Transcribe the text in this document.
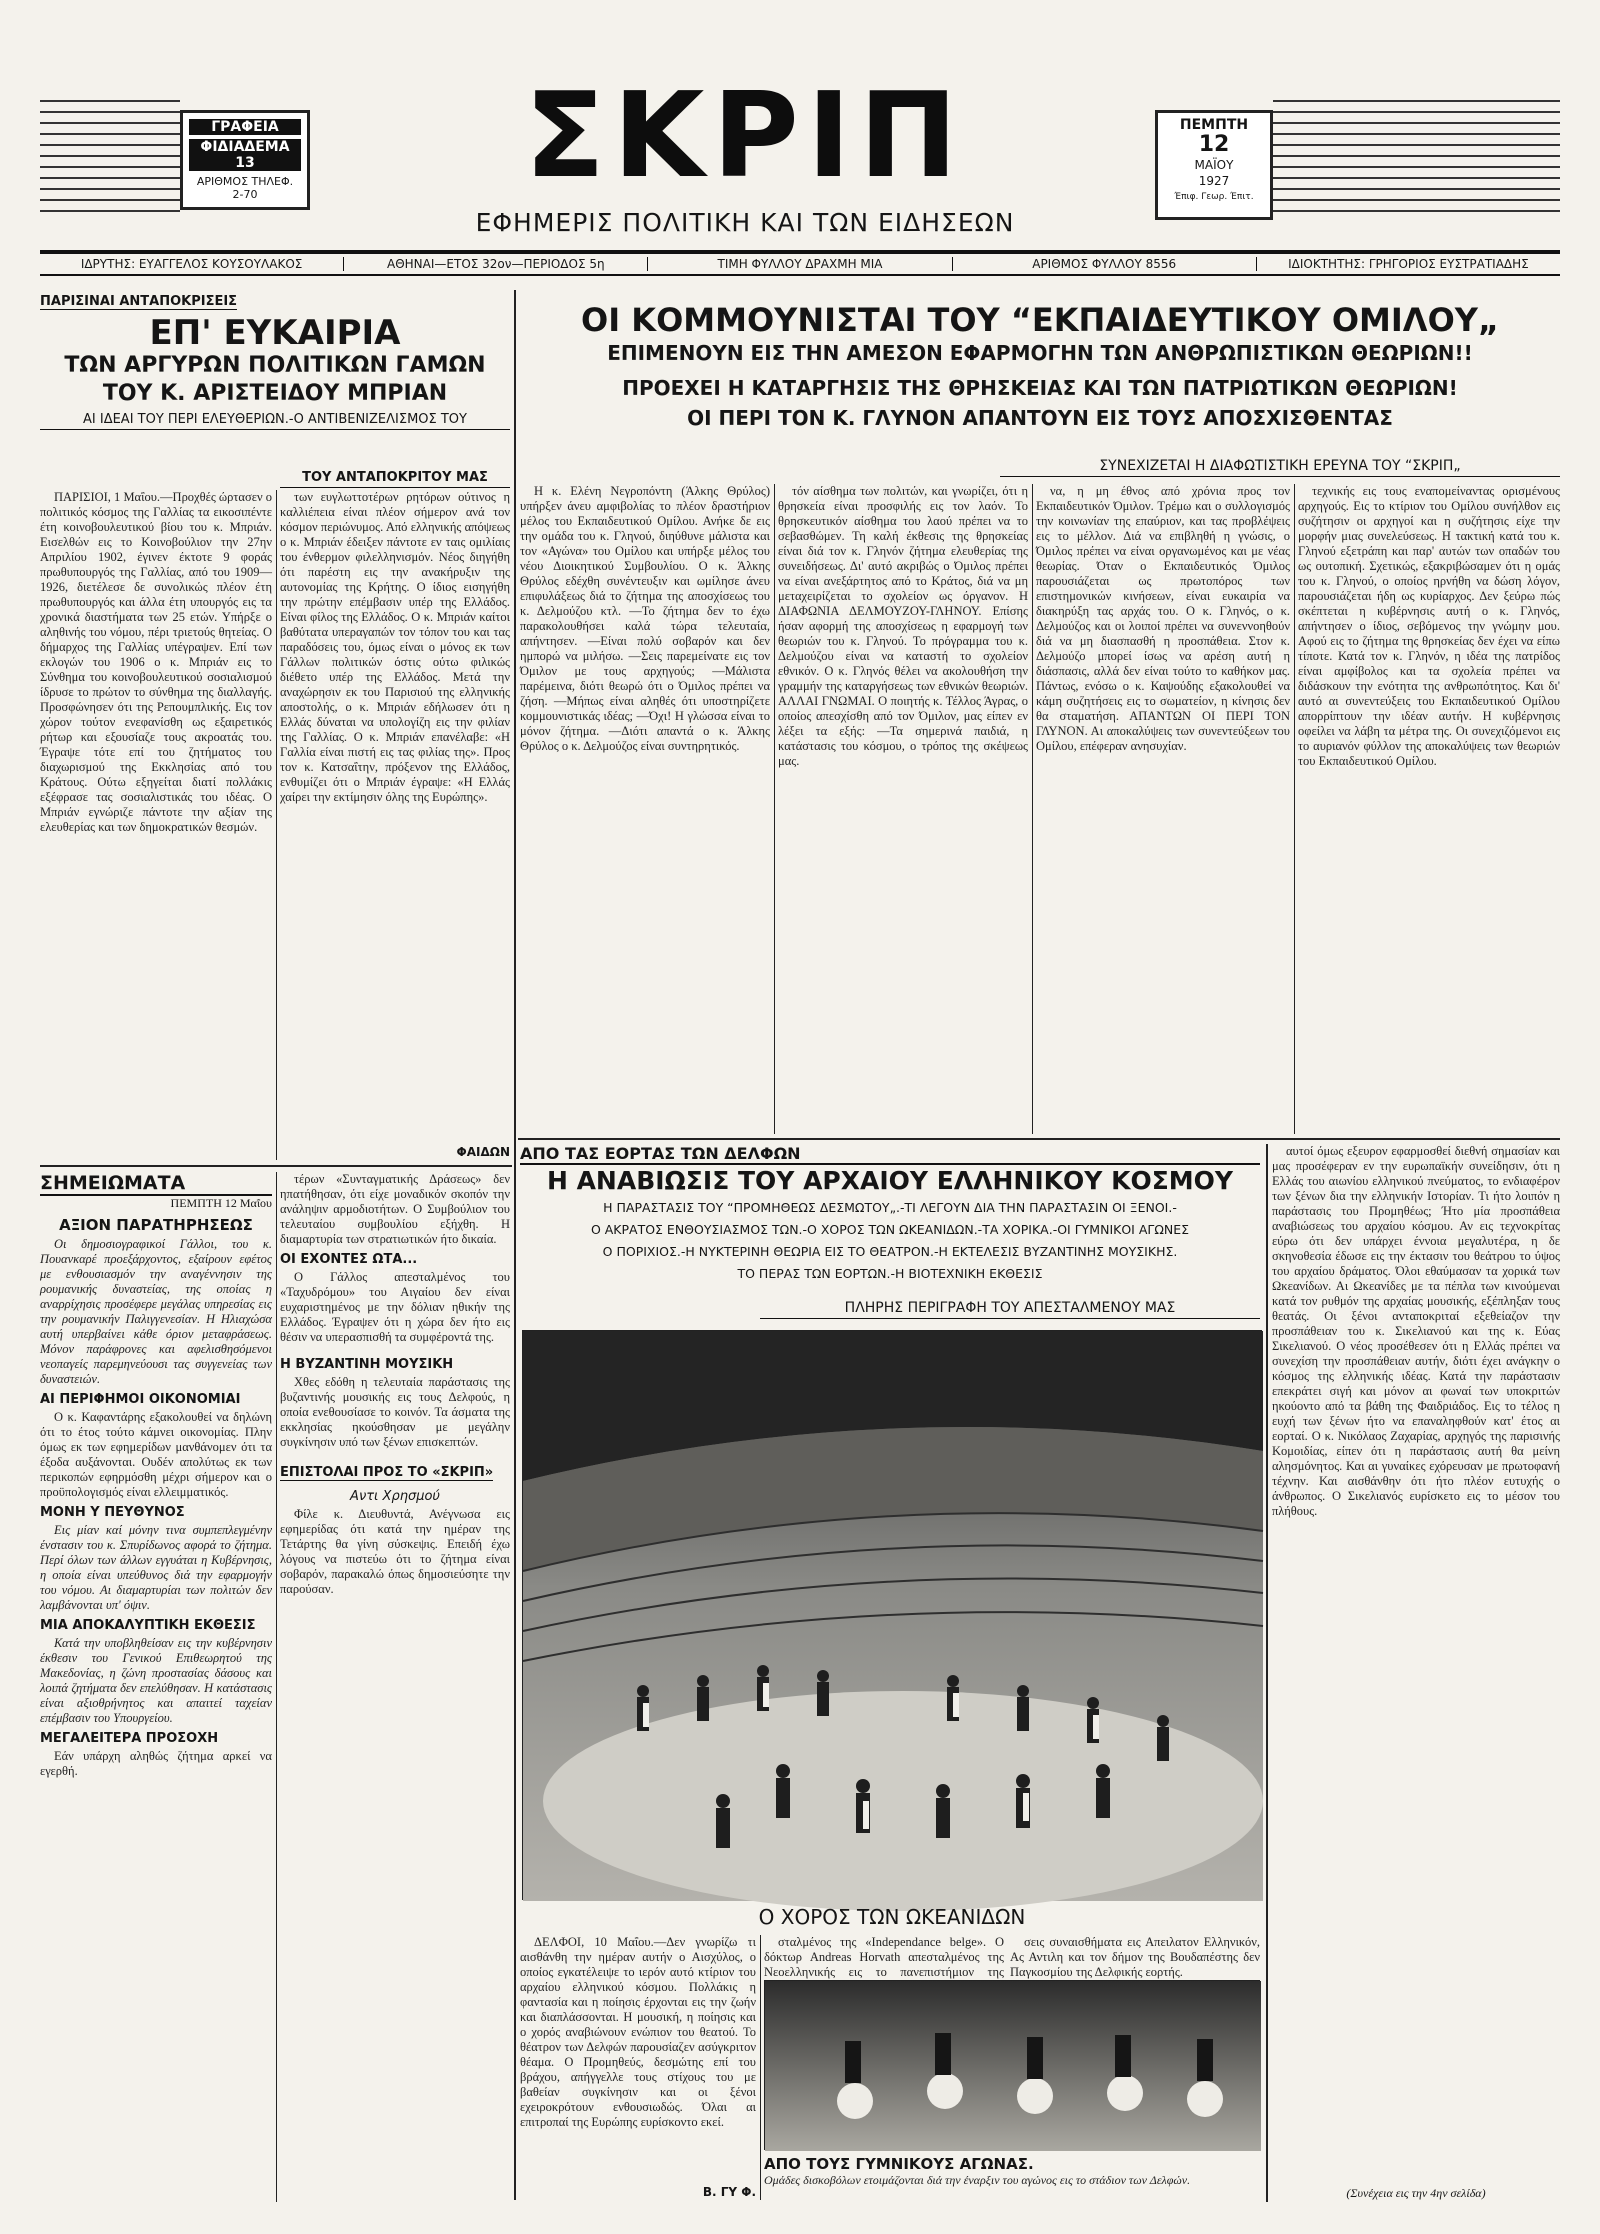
ΓΡΑΦΕΙΑ
ΦΙΔΙΑΔΕΜΑ 13
ΑΡΙΘΜΟΣ ΤΗΛΕΦ.
2-70	ΣΚΡΙΠ
ΕΦΗΜΕΡΙΣ ΠΟΛΙΤΙΚΗ ΚΑΙ ΤΩΝ ΕΙΔΗΣΕΩΝ
ΠΕΜΠΤΗ
12
ΜΑΪΟΥ
1927
Έπιφ. Γεωρ. Έπιτ.
ΙΔΡΥΤΗΣ: ΕΥΑΓΓΕΛΟΣ ΚΟΥΣΟΥΛΑΚΟΣ	ΑΘΗΝΑΙ—ΕΤΟΣ 32ον—ΠΕΡΙΟΔΟΣ 5η	ΤΙΜΗ ΦΥΛΛΟΥ ΔΡΑΧΜΗ ΜΙΑ	ΑΡΙΘΜΟΣ ΦΥΛΛΟΥ 8556	ΙΔΙΟΚΤΗΤΗΣ: ΓΡΗΓΟΡΙΟΣ ΕΥΣΤΡΑΤΙΑΔΗΣ
ΠΑΡΙΣΙΝΑΙ ΑΝΤΑΠΟΚΡΙΣΕΙΣ
ΕΠ' ΕΥΚΑΙΡΙΑ
ΤΩΝ ΑΡΓΥΡΩΝ ΠΟΛΙΤΙΚΩΝ ΓΑΜΩΝ
ΤΟΥ Κ. ΑΡΙΣΤΕΙΔΟΥ ΜΠΡΙΑΝ
ΑΙ ΙΔΕΑΙ ΤΟΥ ΠΕΡΙ ΕΛΕΥΘΕΡΙΩΝ.-Ο ΑΝΤΙΒΕΝΙΖΕΛΙΣΜΟΣ ΤΟΥ
ΤΟΥ ΑΝΤΑΠΟΚΡΙΤΟΥ ΜΑΣ

ΠΑΡΙΣΙΟΙ, 1 Μαΐου.—Προχθές ώρτασεν ο πολιτικός κόσμος της Γαλλίας τα εικοσιπέντε έτη κοινοβουλευτικού βίου του κ. Μπριάν. Εισελθών εις το Κοινοβούλιον την 27ην Απριλίου 1902, έγινεν έκτοτε 9 φοράς πρωθυπουργός της Γαλλίας, από του 1909—1926, διετέλεσε δε συνολικώς πλέον έτη πρωθυπουργός και άλλα έτη υπουργός εις τα χρονικά διαστήματα των 25 ετών. Υπήρξε ο αληθινής του νόμου, πέρι τριετούς θητείας. Ο δήμαρχος της Γαλλίας υπέγραψεν. Επί των εκλογών του 1906 ο κ. Μπριάν εις το Σύνθημα του κοινοβουλευτικού σοσιαλισμού ίδρυσε το πρώτον το σύνθημα της διαλλαγής. Προσφώνησεν ότι της Ρεπουμπλικής. Εις τον χώρον τούτον ενεφανίσθη ως εξαιρετικός ρήτωρ και εξουσίαζε τους ακροατάς του. Έγραψε τότε επί του ζητήματος του διαχωρισμού της Εκκλησίας από του Κράτους. Ούτω εξηγείται διατί πολλάκις εξέφρασε τας σοσιαλιστικάς του ιδέας. Ο Μπριάν εγνώριζε πάντοτε την αξίαν της ελευθερίας και των δημοκρατικών θεσμών.

των ευγλωττοτέρων ρητόρων ούτινος η καλλιέπεια είναι πλέον σήμερον ανά τον κόσμον περιώνυμος. Από ελληνικής απόψεως ο κ. Μπριάν έδειξεν πάντοτε εν ταις ομιλίαις του ένθερμον φιλελληνισμόν. Νέος διηγήθη ότι παρέστη εις την ανακήρυξιν της αυτονομίας της Κρήτης. Ο ίδιος εισηγήθη την πρώτην επέμβασιν υπέρ της Ελλάδος. Είναι φίλος της Ελλάδος. Ο κ. Μπριάν καίτοι βαθύτατα υπεραγαπών τον τόπον του και τας παραδόσεις του, όμως είναι ο μόνος εκ των Γάλλων πολιτικών όστις ούτω φιλικώς διέθετο υπέρ της Ελλάδος. Μετά την αναχώρησιν εκ του Παρισιού της ελληνικής αποστολής, ο κ. Μπριάν εδήλωσεν ότι η Ελλάς δύναται να υπολογίζη εις την φιλίαν της Γαλλίας. Ο κ. Μπριάν επανέλαβε: «Η Γαλλία είναι πιστή εις τας φιλίας της». Προς τον κ. Κατσαΐτην, πρόξενον της Ελλάδος, ενθυμίζει ότι ο Μπριάν έγραψε: «Η Ελλάς χαίρει την εκτίμησιν όλης της Ευρώπης».

ΦΑΙΔΩΝ
ΣΗΜΕΙΩΜΑΤΑ
ΠΕΜΠΤΗ 12 Μαΐου
ΑΞΙΟΝ ΠΑΡΑΤΗΡΗΣΕΩΣ

Οι δημοσιογραφικοί Γάλλοι, του κ. Πουανκαρέ προεξάρχοντος, εξαίρουν εφέτος με ενθουσιασμόν την αναγέννησιν της ρουμανικής δυναστείας, της οποίας η αναρρίχησις προσέφερε μεγάλας υπηρεσίας εις την ρουμανικήν Παλιγγενεσίαν. Η Ηλιαχώσα αυτή υπερβαίνει κάθε όριον μεταφράσεως. Μόνον παράφρονες και αφελισθησόμενοι νεοπαγείς παρεμηνεύουσι τας συγγενείας των δυναστειών.

ΑΙ ΠΕΡΙΦΗΜΟΙ ΟΙΚΟΝΟΜΙΑΙ

Ο κ. Καφαντάρης εξακολουθεί να δηλώνη ότι το έτος τούτο κάμνει οικονομίας. Πλην όμως εκ των εφημερίδων μανθάνομεν ότι τα έξοδα αυξάνονται. Ουδέν απολύτως εκ των περικοπών εφηρμόσθη μέχρι σήμερον και ο προϋπολογισμός είναι ελλειμματικός.

ΜΟΝΗ Υ ΠΕΥΘΥΝΟΣ

Εις μίαν καί μόνην τινα συμπεπλεγμένην ένστασιν του κ. Σπυρίδωνος αφορά το ζήτημα. Περί όλων των άλλων εγγυάται η Κυβέρνησις, η οποία είναι υπεύθυνος διά την εφαρμογήν του νόμου. Αι διαμαρτυρίαι των πολιτών δεν λαμβάνονται υπ' όψιν.

ΜΙΑ ΑΠΟΚΑΛΥΠΤΙΚΗ ΕΚΘΕΣΙΣ

Κατά την υποβληθείσαν εις την κυβέρνησιν έκθεσιν του Γενικού Επιθεωρητού της Μακεδονίας, η ζώνη προστασίας δάσους και λοιπά ζητήματα δεν επελύθησαν. Η κατάστασις είναι αξιοθρήνητος και απαιτεί ταχείαν επέμβασιν του Υπουργείου.

ΜΕΓΑΛΕΙΤΕΡΑ ΠΡΟΣΟΧΗ

Εάν υπάρχη αληθώς ζήτημα αρκεί να εγερθή.

τέρων «Συνταγματικής Δράσεως» δεν ηπατήθησαν, ότι είχε μοναδικόν σκοπόν την ανάληψιν αρμοδιοτήτων. Ο Συμβούλιον του τελευταίου συμβουλίου εξήχθη. Η διαμαρτυρία των στρατιωτικών ήτο δικαία.

ΟΙ ΕΧΟΝΤΕΣ ΩΤΑ...

Ο Γάλλος απεσταλμένος του «Ταχυδρόμου» του Αιγαίου δεν είναι ευχαριστημένος με την δόλιαν ηθικήν της Ελλάδος. Έγραψεν ότι η χώρα δεν ήτο εις θέσιν να υπερασπισθή τα συμφέροντά της.

Η ΒΥΖΑΝΤΙΝΗ ΜΟΥΣΙΚΗ

Χθες εδόθη η τελευταία παράστασις της βυζαντινής μουσικής εις τους Δελφούς, η οποία ενεθουσίασε το κοινόν. Τα άσματα της εκκλησίας ηκούσθησαν με μεγάλην συγκίνησιν υπό των ξένων επισκεπτών.

ΕΠΙΣΤΟΛΑΙ ΠΡΟΣ ΤΟ «ΣΚΡΙΠ»
Αντι Χρησμού

Φίλε κ. Διευθυντά, Ανέγνωσα εις εφημερίδας ότι κατά την ημέραν της Τετάρτης θα γίνη σύσκεψις. Επειδή έχω λόγους να πιστεύω ότι το ζήτημα είναι σοβαρόν, παρακαλώ όπως δημοσιεύσητε την παρούσαν.

ΟΙ ΚΟΜΜΟΥΝΙΣΤΑΙ ΤΟΥ “ΕΚΠΑΙΔΕΥΤΙΚΟΥ ΟΜΙΛΟΥ„
ΕΠΙΜΕΝΟΥΝ ΕΙΣ ΤΗΝ ΑΜΕΣΟΝ ΕΦΑΡΜΟΓΗΝ ΤΩΝ ΑΝΘΡΩΠΙΣΤΙΚΩΝ ΘΕΩΡΙΩΝ!!
ΠΡΟΕΧΕΙ Η ΚΑΤΑΡΓΗΣΙΣ ΤΗΣ ΘΡΗΣΚΕΙΑΣ ΚΑΙ ΤΩΝ ΠΑΤΡΙΩΤΙΚΩΝ ΘΕΩΡΙΩΝ!
ΟΙ ΠΕΡΙ ΤΟΝ Κ. ΓΛΥΝΟΝ ΑΠΑΝΤΟΥΝ ΕΙΣ ΤΟΥΣ ΑΠΟΣΧΙΣΘΕΝΤΑΣ
ΣΥΝΕΧΙΖΕΤΑΙ Η ΔΙΑΦΩΤΙΣΤΙΚΗ ΕΡΕΥΝΑ ΤΟΥ “ΣΚΡΙΠ„

Η κ. Ελένη Νεγροπόντη (Άλκης Θρύλος) υπήρξεν άνευ αμφιβολίας το πλέον δραστήριον μέλος του Εκπαιδευτικού Ομίλου. Ανήκε δε εις την ομάδα του κ. Γληνού, διηύθυνε μάλιστα και τον «Αγώνα» του Ομίλου και υπήρξε μέλος του νέου Διοικητικού Συμβουλίου. Ο κ. Άλκης Θρύλος εδέχθη συνέντευξιν και ωμίλησε άνευ επιφυλάξεως διά το ζήτημα της αποσχίσεως του κ. Δελμούζου κτλ. —Το ζήτημα δεν το έχω παρακολουθήσει καλά τώρα τελευταία, απήντησεν. —Είναι πολύ σοβαρόν και δεν ημπορώ να μιλήσω. —Σεις παρεμείνατε εις τον Όμιλον με τους αρχηγούς; —Μάλιστα παρέμεινα, διότι θεωρώ ότι ο Όμιλος πρέπει να ζήση. —Μήπως είναι αληθές ότι υποστηρίζετε κομμουνιστικάς ιδέας; —Όχι! Η γλώσσα είναι το μόνον ζήτημα. —Διότι απαντά ο κ. Άλκης Θρύλος ο κ. Δελμούζος είναι συντηρητικός.

τόν αίσθημα των πολιτών, και γνωρίζει, ότι η θρησκεία είναι προσφιλής εις τον λαόν. Το θρησκευτικόν αίσθημα του λαού πρέπει να το σεβασθώμεν. Τη καλή έκθεσις της θρησκείας είναι διά τον κ. Γληνόν ζήτημα ελευθερίας της συνειδήσεως. Δι' αυτό ακριβώς ο Όμιλος πρέπει να είναι ανεξάρτητος από το Κράτος, διά να μη μεταχειρίζεται το σχολείον ως όργανον. Η ΔΙΑΦΩΝΙΑ ΔΕΛΜΟΥΖΟΥ-ΓΛΗΝΟΥ. Επίσης ήσαν αφορμή της αποσχίσεως η εφαρμογή των θεωριών του κ. Γληνού. Το πρόγραμμα του κ. Δελμούζου είναι να καταστή το σχολείον εθνικόν. Ο κ. Γληνός θέλει να ακολουθήση την γραμμήν της καταργήσεως των εθνικών θεωριών. ΑΛΛΑΙ ΓΝΩΜΑΙ. Ο ποιητής κ. Τέλλος Άγρας, ο οποίος απεσχίσθη από τον Όμιλον, μας είπεν εν λέξει τα εξής: —Τα σημερινά παιδιά, η κατάστασις του κόσμου, ο τρόπος της σκέψεως μας.

να, η μη έθνος από χρόνια προς τον Εκπαιδευτικόν Όμιλον. Τρέμω και ο συλλογισμός την κοινωνίαν της επαύριον, και τας προβλέψεις εις το μέλλον. Διά να επιβληθή η γνώσις, ο Όμιλος πρέπει να είναι οργανωμένος και με νέας θεωρίας. Όταν ο Εκπαιδευτικός Όμιλος παρουσιάζεται ως πρωτοπόρος των επιστημονικών κινήσεων, είναι ευκαιρία να διακηρύξη τας αρχάς του. Ο κ. Γληνός, ο κ. Δελμούζος και οι λοιποί πρέπει να συνεννοηθούν διά να μη διασπασθή η προσπάθεια. Στον κ. Δελμούζο μπορεί ίσως να αρέση αυτή η διάσπασις, αλλά δεν είναι τούτο το καθήκον μας. Πάντως, ενόσω ο κ. Καψούδης εξακολουθεί να κάμη συζητήσεις εις το σωματείον, η κίνησις δεν θα σταματήση. ΑΠΑΝΤΩΝ ΟΙ ΠΕΡΙ ΤΟΝ ΓΛΥΝΟΝ. Αι αποκαλύψεις των συνεντεύξεων του Ομίλου, επέφεραν ανησυχίαν.

τεχνικής εις τους εναπομείναντας ορισμένους αρχηγούς. Εις το κτίριον του Ομίλου συνήλθον εις συζήτησιν οι αρχηγοί και η συζήτησις είχε την μορφήν μιας συνελεύσεως. Η τακτική κατά του κ. Γληνού εξετράπη και παρ' αυτών των οπαδών του ως ουτοπική. Σχετικώς, εξακριβώσαμεν ότι η ομάς του κ. Γληνού, ο οποίος ηρνήθη να δώση λόγον, παρουσιάζεται ήδη ως κυρίαρχος. Δεν ξεύρω πώς σκέπτεται η κυβέρνησις αυτή ο κ. Γληνός, απήντησεν ο ίδιος, σεβόμενος την γνώμην μου. Αφού εις το ζήτημα της θρησκείας δεν έχει να είπω τίποτε. Κατά τον κ. Γληνόν, η ιδέα της πατρίδος είναι αμφίβολος και τα σχολεία πρέπει να διδάσκουν την ενότητα της ανθρωπότητος. Και δι' αυτό αι συνεντεύξεις του Εκπαιδευτικού Ομίλου απορρίπτουν την ιδέαν αυτήν. Η κυβέρνησις οφείλει να λάβη τα μέτρα της. Οι συνεχιζόμενοι εις το αυριανόν φύλλον της αποκαλύψεις των θεωριών του Εκπαιδευτικού Ομίλου.

ΑΠΟ ΤΑΣ ΕΟΡΤΑΣ ΤΩΝ ΔΕΛΦΩΝ
Η ΑΝΑΒΙΩΣΙΣ ΤΟΥ ΑΡΧΑΙΟΥ ΕΛΛΗΝΙΚΟΥ ΚΟΣΜΟΥ
Η ΠΑΡΑΣΤΑΣΙΣ ΤΟΥ “ΠΡΟΜΗΘΕΩΣ ΔΕΣΜΩΤΟΥ„.-ΤΙ ΛΕΓΟΥΝ ΔΙΑ ΤΗΝ ΠΑΡΑΣΤΑΣΙΝ ΟΙ ΞΕΝΟΙ.-
Ο ΑΚΡΑΤΟΣ ΕΝΘΟΥΣΙΑΣΜΟΣ ΤΩΝ.-Ο ΧΟΡΟΣ ΤΩΝ ΩΚΕΑΝΙΔΩΝ.-ΤΑ ΧΟΡΙΚΑ.-ΟΙ ΓΥΜΝΙΚΟΙ ΑΓΩΝΕΣ
Ο ΠΟΡΙΧΙΟΣ.-Η ΝΥΚΤΕΡΙΝΗ ΘΕΩΡΙΑ ΕΙΣ ΤΟ ΘΕΑΤΡΟΝ.-Η ΕΚΤΕΛΕΣΙΣ ΒΥΖΑΝΤΙΝΗΣ ΜΟΥΣΙΚΗΣ.
ΤΟ ΠΕΡΑΣ ΤΩΝ ΕΟΡΤΩΝ.-Η ΒΙΟΤΕΧΝΙΚΗ ΕΚΘΕΣΙΣ
ΠΛΗΡΗΣ ΠΕΡΙΓΡΑΦΗ ΤΟΥ ΑΠΕΣΤΑΛΜΕΝΟΥ ΜΑΣ
Ο ΧΟΡΟΣ ΤΩΝ ΩΚΕΑΝΙΔΩΝ

ΔΕΛΦΟΙ, 10 Μαΐου.—Δεν γνωρίζω τι αισθάνθη την ημέραν αυτήν ο Αισχύλος, ο οποίος εγκατέλειψε το ιερόν αυτό κτίριον του αρχαίου ελληνικού κόσμου. Πολλάκις η φαντασία και η ποίησις έρχονται εις την ζωήν και διαπλάσσονται. Η μουσική, η ποίησις και ο χορός αναβιώνουν ενώπιον του θεατού. Το θέατρον των Δελφών παρουσίαζεν ασύγκριτον θέαμα. Ο Προμηθεύς, δεσμώτης επί του βράχου, απήγγελλε τους στίχους του με βαθείαν συγκίνησιν και οι ξένοι εχειροκρότουν ενθουσιωδώς. Όλαι αι επιτροπαί της Ευρώπης ευρίσκοντο εκεί.

Β. ΓΥ Φ.

σταλμένος της «Independance belge». Ο δόκτωρ Andreas Horvath απεσταλμένος της Νεοελληνικής εις το πανεπιστήμιον της

σεις συναισθήματα εις Απειλατον Ελληνικόν, Ας Αντιλη και τον δήμον της Βουδαπέστης δεν Παγκοσμίου της Δελφικής εορτής.

ΑΠΟ ΤΟΥΣ ΓΥΜΝΙΚΟΥΣ ΑΓΩΝΑΣ.
Ομάδες δισκοβόλων ετοιμάζονται διά την έναρξιν του αγώνος εις το στάδιον των Δελφών.

αυτοί όμως εξευρον εφαρμοσθεί διεθνή σημασίαν και μας προσέφεραν εν την ευρωπαϊκήν συνείδησιν, ότι η Ελλάς του αιωνίου ελληνικού πνεύματος, το ενδιαφέρον των ξένων δια την ελληνικήν Ιστορίαν. Τι ήτο λοιπόν η παράστασις του Προμηθέως; Ήτο μία προσπάθεια αναβιώσεως του αρχαίου κόσμου. Αν εις τεχνοκρίτας εύρω ότι δεν υπάρχει έννοια μεγαλυτέρα, η δε σκηνοθεσία έδωσε εις την έκτασιν του θεάτρου το ύψος του αρχαίου δράματος. Όλοι εθαύμασαν τα χορικά των Ωκεανίδων. Αι Ωκεανίδες με τα πέπλα των κινούμεναι κατά τον ρυθμόν της αρχαίας μουσικής, εξέπληξαν τους θεατάς. Οι ξένοι ανταποκριταί εξεθείαζον την προσπάθειαν του κ. Σικελιανού και της κ. Εύας Σικελιανού. Ο νέος προσέθεσεν ότι η Ελλάς πρέπει να συνεχίση την προσπάθειαν αυτήν, διότι έχει ανάγκην ο κόσμος της ελληνικής ιδέας. Κατά την παράστασιν επεκράτει σιγή και μόνον αι φωναί των υποκριτών ηκούοντο από τα βάθη της Φαιδριάδος. Εις το τέλος η ευχή των ξένων ήτο να επαναληφθούν κατ' έτος αι εορταί. Ο κ. Νικόλαος Ζαχαρίας, αρχηγός της παρισινής Κομοιδίας, είπεν ότι η παράστασις αυτή θα μείνη αλησμόνητος. Και αι γυναίκες εχόρευσαν με πρωτοφανή τέχνην. Και αισθάνθην ότι ήτο πλέον ευτυχής ο άνθρωπος. Ο Σικελιανός ευρίσκετο εις το μέσον του πλήθους.

(Συνέχεια εις την 4ην σελίδα)
